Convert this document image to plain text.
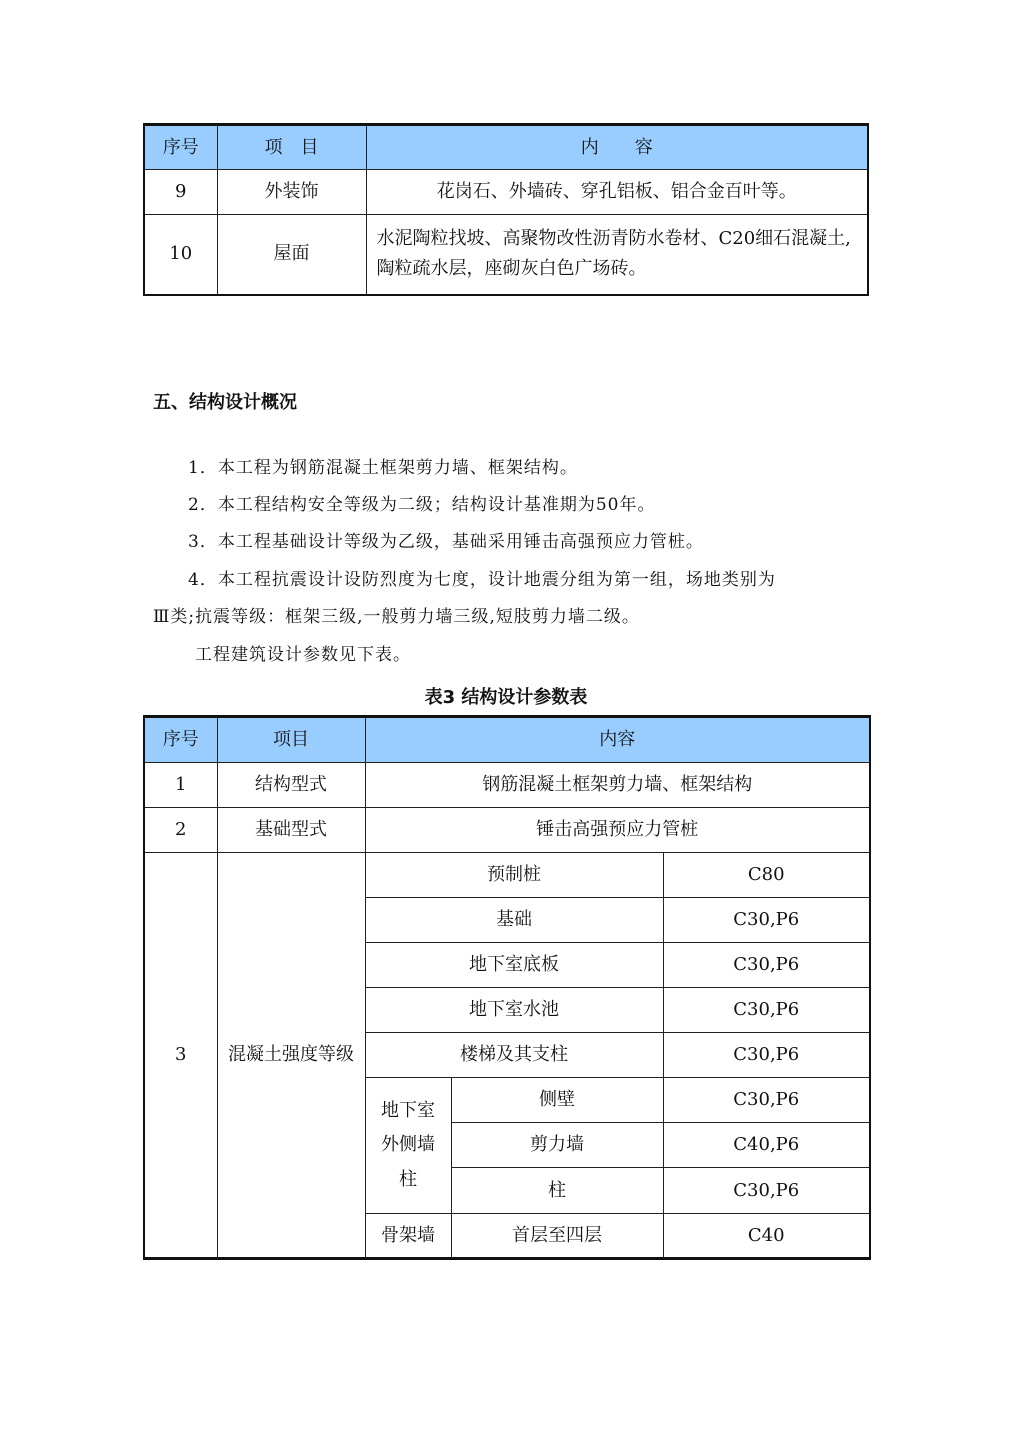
序号	项　目	内　　容
9	外装饰	花岗石、外墙砖、穿孔铝板、铝合金百叶等。
10	屋面	水泥陶粒找坡、高聚物改性沥青防水卷材、C20细石混凝土,陶粒疏水层，座砌灰白色广场砖。
五、结构设计概况
1．本工程为钢筋混凝土框架剪力墙、框架结构。
2．本工程结构安全等级为二级；结构设计基准期为50年。
3．本工程基础设计等级为乙级，基础采用锤击高强预应力管桩。
4．本工程抗震设计设防烈度为七度，设计地震分组为第一组，场地类别为
Ⅲ类;抗震等级：框架三级,一般剪力墙三级,短肢剪力墙二级。
工程建筑设计参数见下表。
表3 结构设计参数表
序号	项目	内容		
1	结构型式	钢筋混凝土框架剪力墙、框架结构		
2	基础型式	锤击高强预应力管桩		
3	混凝土强度等级	预制桩		C80
		基础		C30,P6
		地下室底板		C30,P6
		地下室水池		C30,P6
		楼梯及其支柱		C30,P6
		地下室外侧墙柱	侧壁	C30,P6
			剪力墙	C40,P6
			柱	C30,P6
		骨架墙	首层至四层	C40
